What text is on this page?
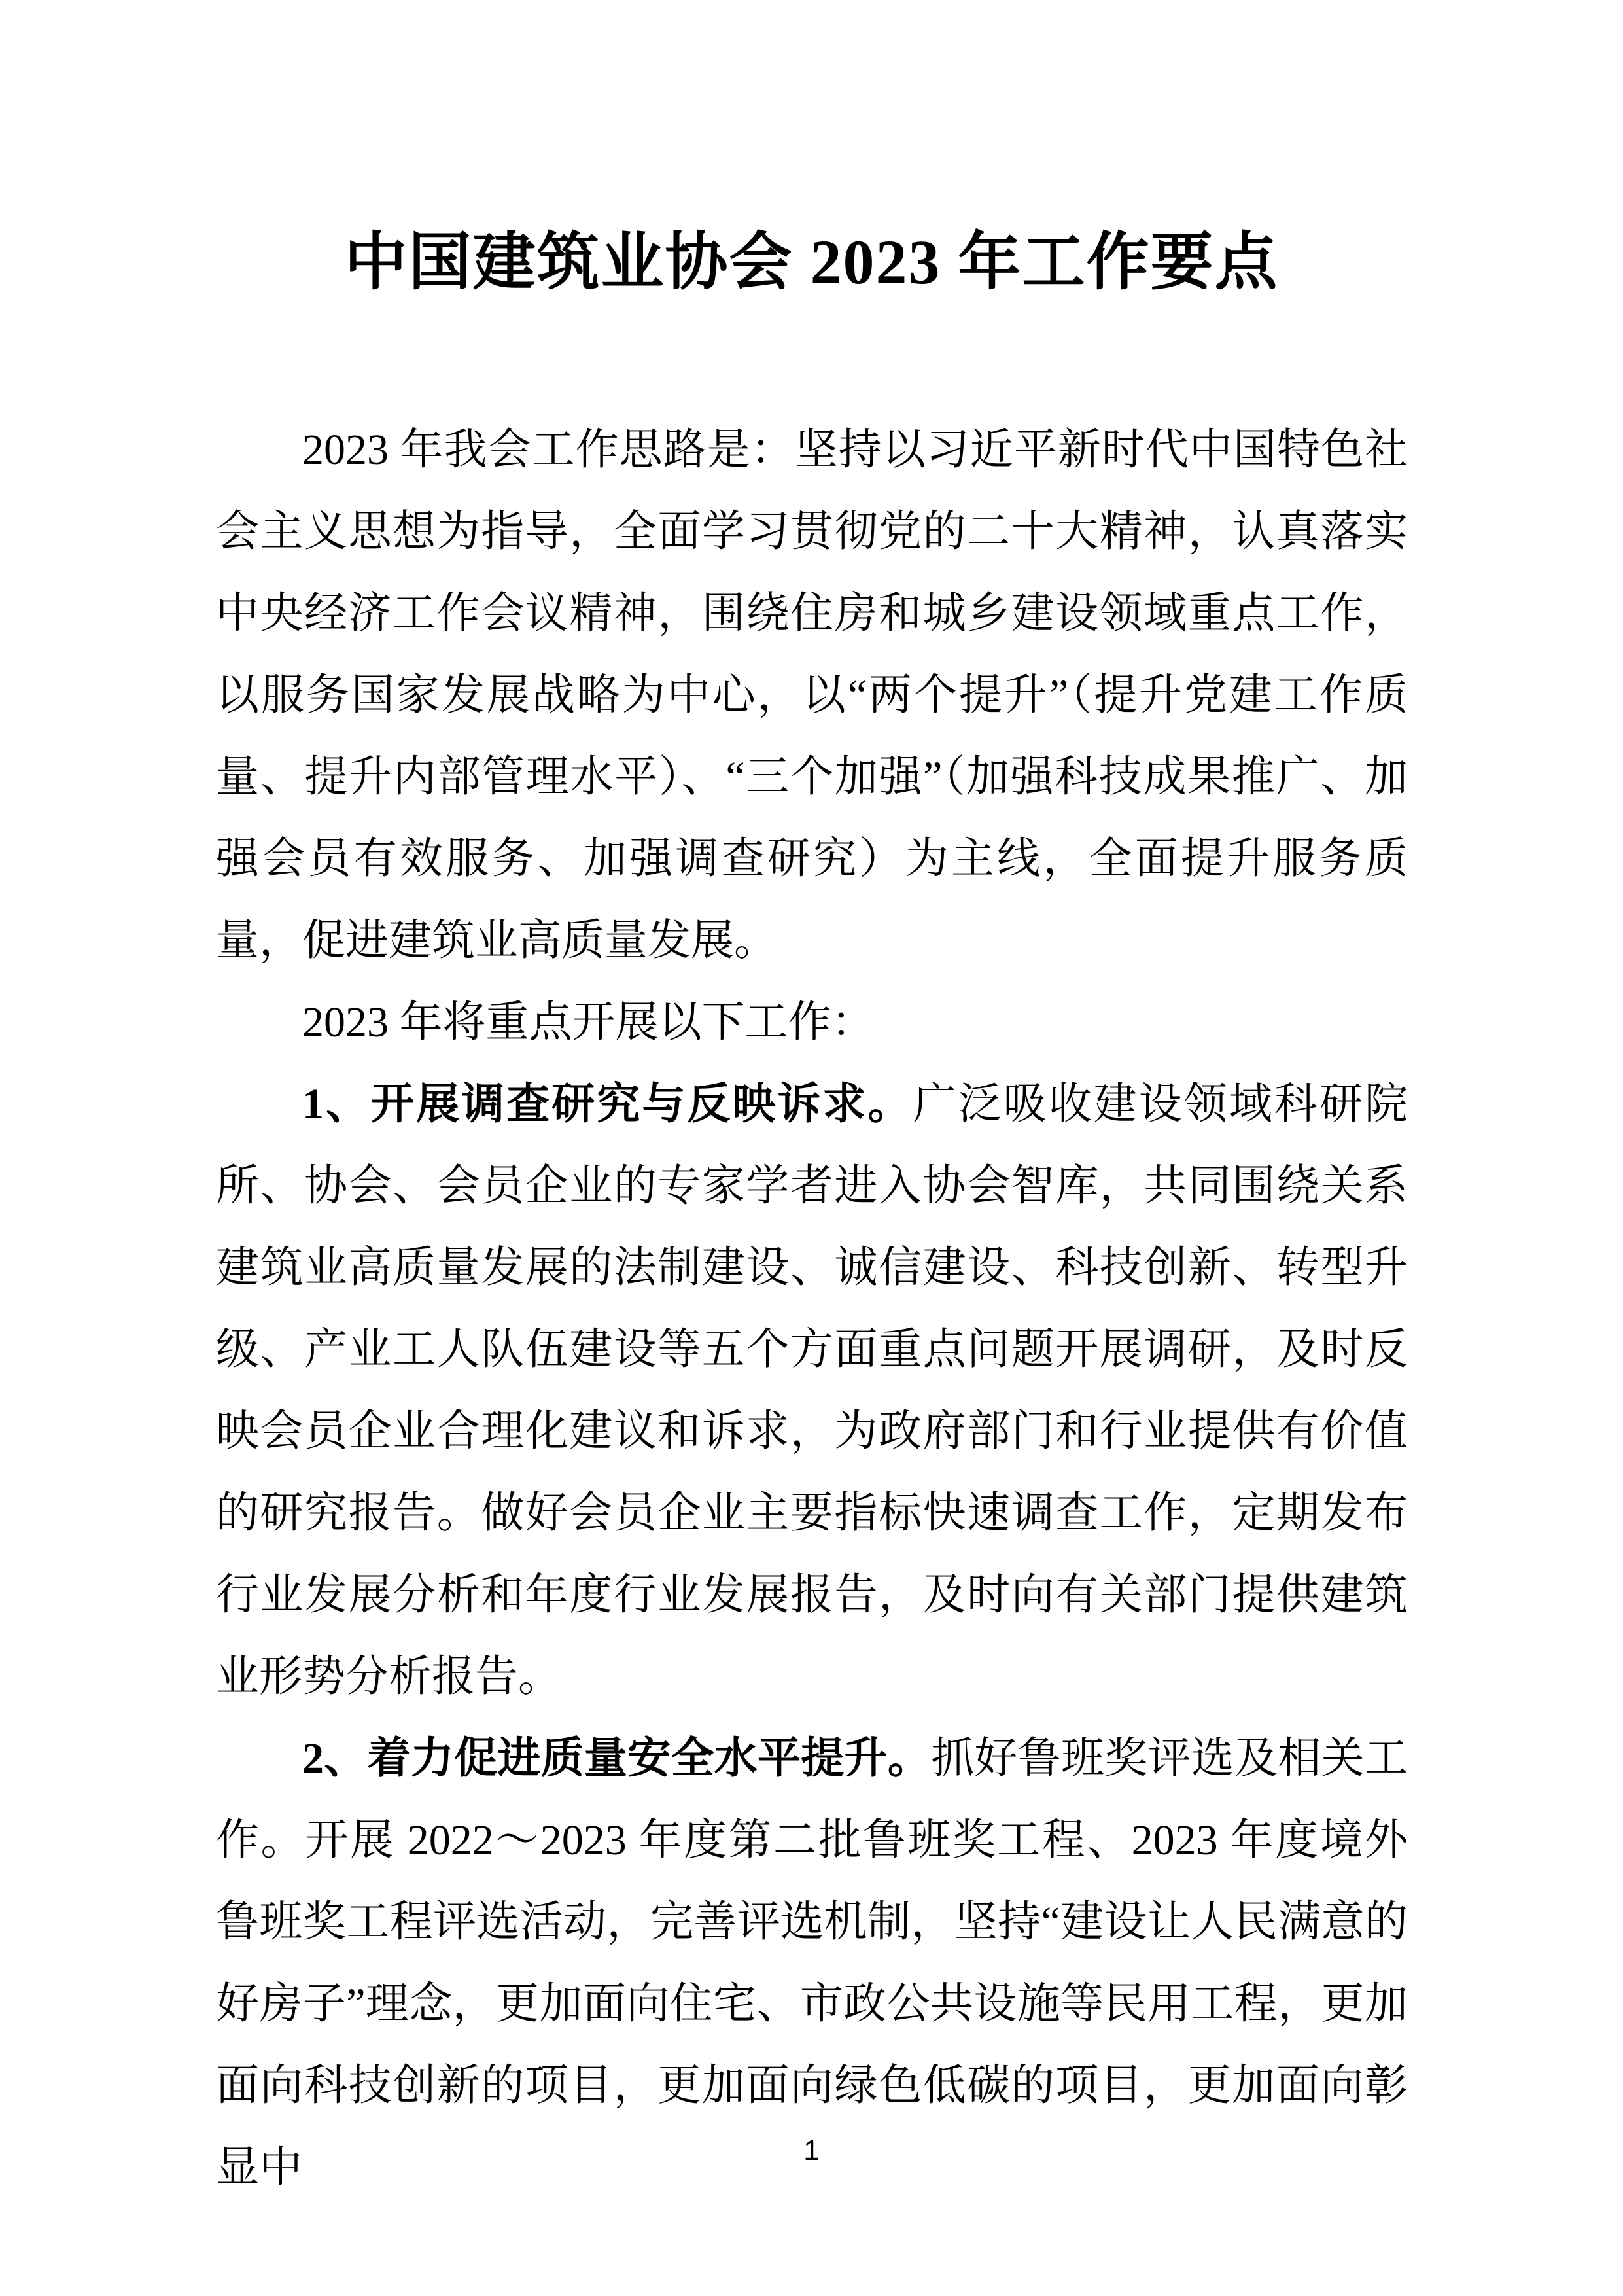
中国建筑业协会 2023 年工作要点

2023 年我会工作思路是：坚持以习近平新时代中国特色社会主义思想为指导，全面学习贯彻党的二十大精神，认真落实中央经济工作会议精神，围绕住房和城乡建设领域重点工作，以服务国家发展战略为中心，以“两个提升”（提升党建工作质量、提升内部管理水平）、“三个加强”（加强科技成果推广、加强会员有效服务、加强调查研究）为主线，全面提升服务质量，促进建筑业高质量发展。

2023 年将重点开展以下工作：

1、开展调查研究与反映诉求。广泛吸收建设领域科研院所、协会、会员企业的专家学者进入协会智库，共同围绕关系建筑业高质量发展的法制建设、诚信建设、科技创新、转型升级、产业工人队伍建设等五个方面重点问题开展调研，及时反映会员企业合理化建议和诉求，为政府部门和行业提供有价值的研究报告。做好会员企业主要指标快速调查工作，定期发布行业发展分析和年度行业发展报告，及时向有关部门提供建筑业形势分析报告。

2、着力促进质量安全水平提升。抓好鲁班奖评选及相关工作。开展 2022～2023 年度第二批鲁班奖工程、2023 年度境外鲁班奖工程评选活动，完善评选机制，坚持“建设让人民满意的好房子”理念，更加面向住宅、市政公共设施等民用工程，更加面向科技创新的项目，更加面向绿色低碳的项目，更加面向彰显中	1
